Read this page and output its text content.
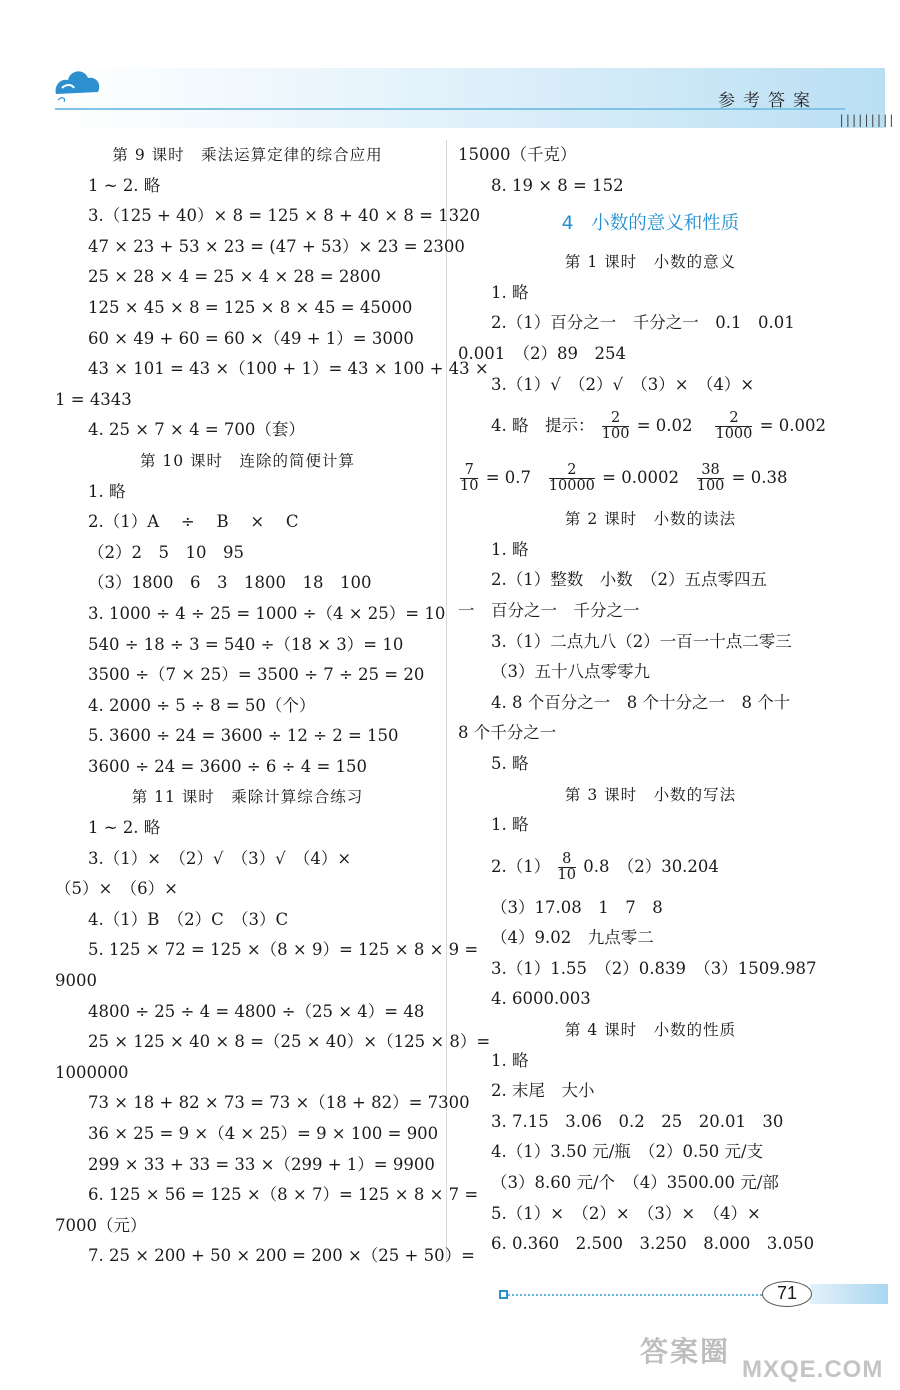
参考答案
|||||||||
第 9 课时　乘法运算定律的综合应用
1 ~ 2. 略
3.（125 + 40）× 8 = 125 × 8 + 40 × 8 = 1320
47 × 23 + 53 × 23 = (47 + 53）× 23 = 2300
25 × 28 × 4 = 25 × 4 × 28 = 2800
125 × 45 × 8 = 125 × 8 × 45 = 45000
60 × 49 + 60 = 60 ×（49 + 1）= 3000
43 × 101 = 43 ×（100 + 1）= 43 × 100 + 43 ×
1 = 4343
4. 25 × 7 × 4 = 700（套）
第 10 课时　连除的简便计算
1. 略
2.（1）A　 ÷　 B　 ×　 C
（2）2　5　10　95
（3）1800　6　3　1800　18　100
3. 1000 ÷ 4 ÷ 25 = 1000 ÷（4 × 25）= 10
540 ÷ 18 ÷ 3 = 540 ÷（18 × 3）= 10
3500 ÷（7 × 25）= 3500 ÷ 7 ÷ 25 = 20
4. 2000 ÷ 5 ÷ 8 = 50（个）
5. 3600 ÷ 24 = 3600 ÷ 12 ÷ 2 = 150
3600 ÷ 24 = 3600 ÷ 6 ÷ 4 = 150
第 11 课时　乘除计算综合练习
1 ~ 2. 略
3.（1）×　（2）√　（3）√　（4）×
（5）×　（6）×
4.（1）B　（2）C　（3）C
5. 125 × 72 = 125 ×（8 × 9）= 125 × 8 × 9 =
9000
4800 ÷ 25 ÷ 4 = 4800 ÷（25 × 4）= 48
25 × 125 × 40 × 8 =（25 × 40）×（125 × 8）=
1000000
73 × 18 + 82 × 73 = 73 ×（18 + 82）= 7300
36 × 25 = 9 ×（4 × 25）= 9 × 100 = 900
299 × 33 + 33 = 33 ×（299 + 1）= 9900
6. 125 × 56 = 125 ×（8 × 7）= 125 × 8 × 7 =
7000（元）
7. 25 × 200 + 50 × 200 = 200 ×（25 + 50）=
15000（千克）
8. 19 × 8 = 152
4 小数的意义和性质
第 1 课时　小数的意义
1. 略
2.（1）百分之一　千分之一　0.1　0.01
0.001　（2）89　254
3.（1）√　（2）√　（3）×　（4）×
4. 略　提示： $\frac{2}{100} = 0.02 \frac{2}{1000} = 0.002$
$\frac{7}{10} = 0.7 \frac{2}{10000} = 0.0002 \frac{38}{100} = 0.38$
第 2 课时　小数的读法
1. 略
2.（1）整数　小数　（2）五点零四五
一　百分之一　千分之一
3.（1）二点九八（2）一百一十点二零三
（3）五十八点零零九
4. 8 个百分之一　8 个十分之一　8 个十
8 个千分之一
5. 略
第 3 课时　小数的写法
1. 略
$2.(1) \frac{8}{10} 0.8$　（2）30.204
（3）17.08　1　7　8
（4）9.02　九点零二
3.（1）1.55　（2）0.839　（3）1509.987
4. 6000.003
第 4 课时　小数的性质
1. 略
2. 末尾　大小
3. 7.15　3.06　0.2　25　20.01　30
4.（1）3.50 元/瓶　（2）0.50 元/支
（3）8.60 元/个　（4）3500.00 元/部
5.（1）×　（2）×　（3）×　（4）×
6. 0.360　2.500　3.250　8.000　3.050
71
答案圈
MXQE.COM
